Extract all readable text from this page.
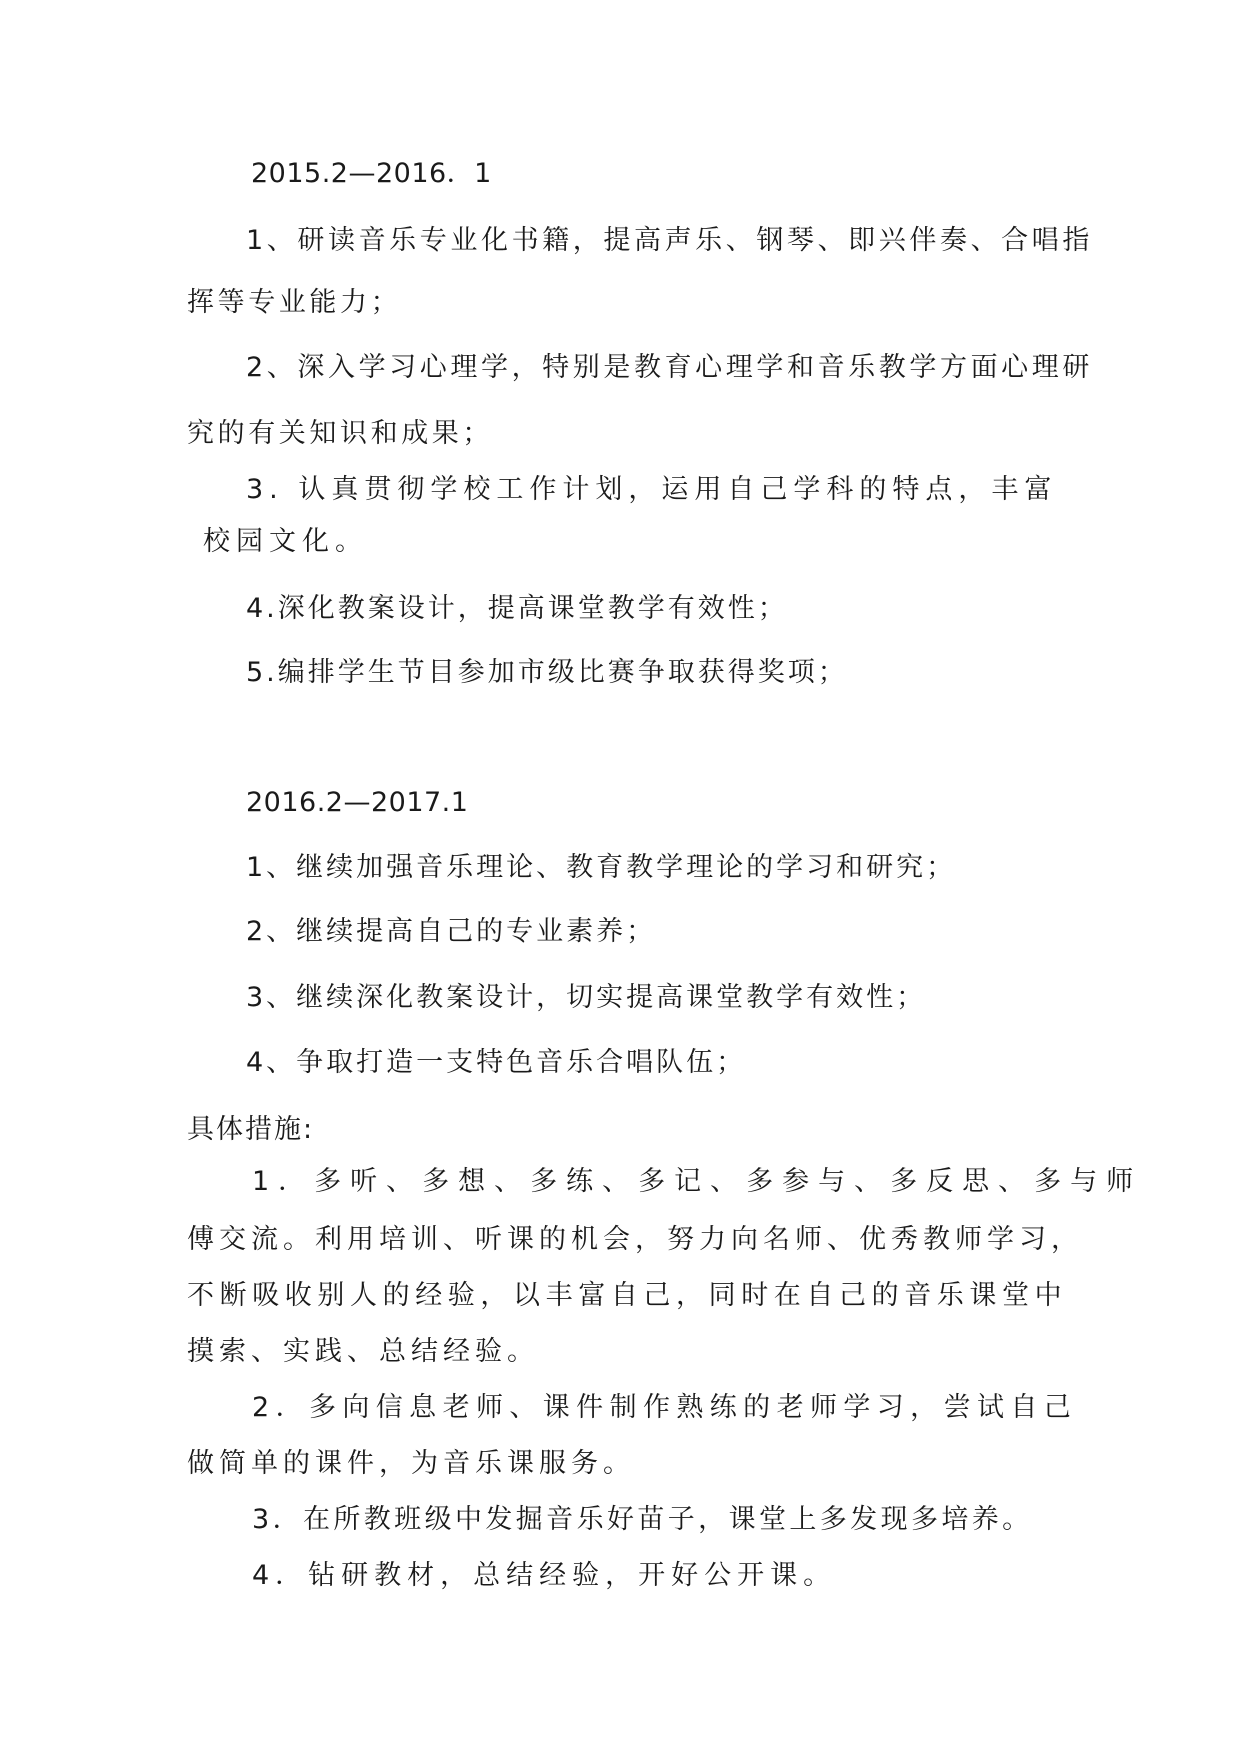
2015.2—2016．1
1、研读音乐专业化书籍，提高声乐、钢琴、即兴伴奏、合唱指
挥等专业能力；
2、深入学习心理学，特别是教育心理学和音乐教学方面心理研
究的有关知识和成果；
3. 认真贯彻学校工作计划，运用自己学科的特点，丰富
校园文化。
4.深化教案设计，提高课堂教学有效性；
5.编排学生节目参加市级比赛争取获得奖项；
2016.2—2017.1
1、继续加强音乐理论、教育教学理论的学习和研究；
2、继续提高自己的专业素养；
3、继续深化教案设计，切实提高课堂教学有效性；
4、争取打造一支特色音乐合唱队伍；
具体措施:
1．多听、多想、多练、多记、多参与、多反思、多与师
傅交流。利用培训、听课的机会，努力向名师、优秀教师学习，
不断吸收别人的经验，以丰富自己，同时在自己的音乐课堂中
摸索、实践、总结经验。
2．多向信息老师、课件制作熟练的老师学习，尝试自己
做简单的课件，为音乐课服务。
3．在所教班级中发掘音乐好苗子，课堂上多发现多培养。
4．钻研教材，总结经验，开好公开课。
